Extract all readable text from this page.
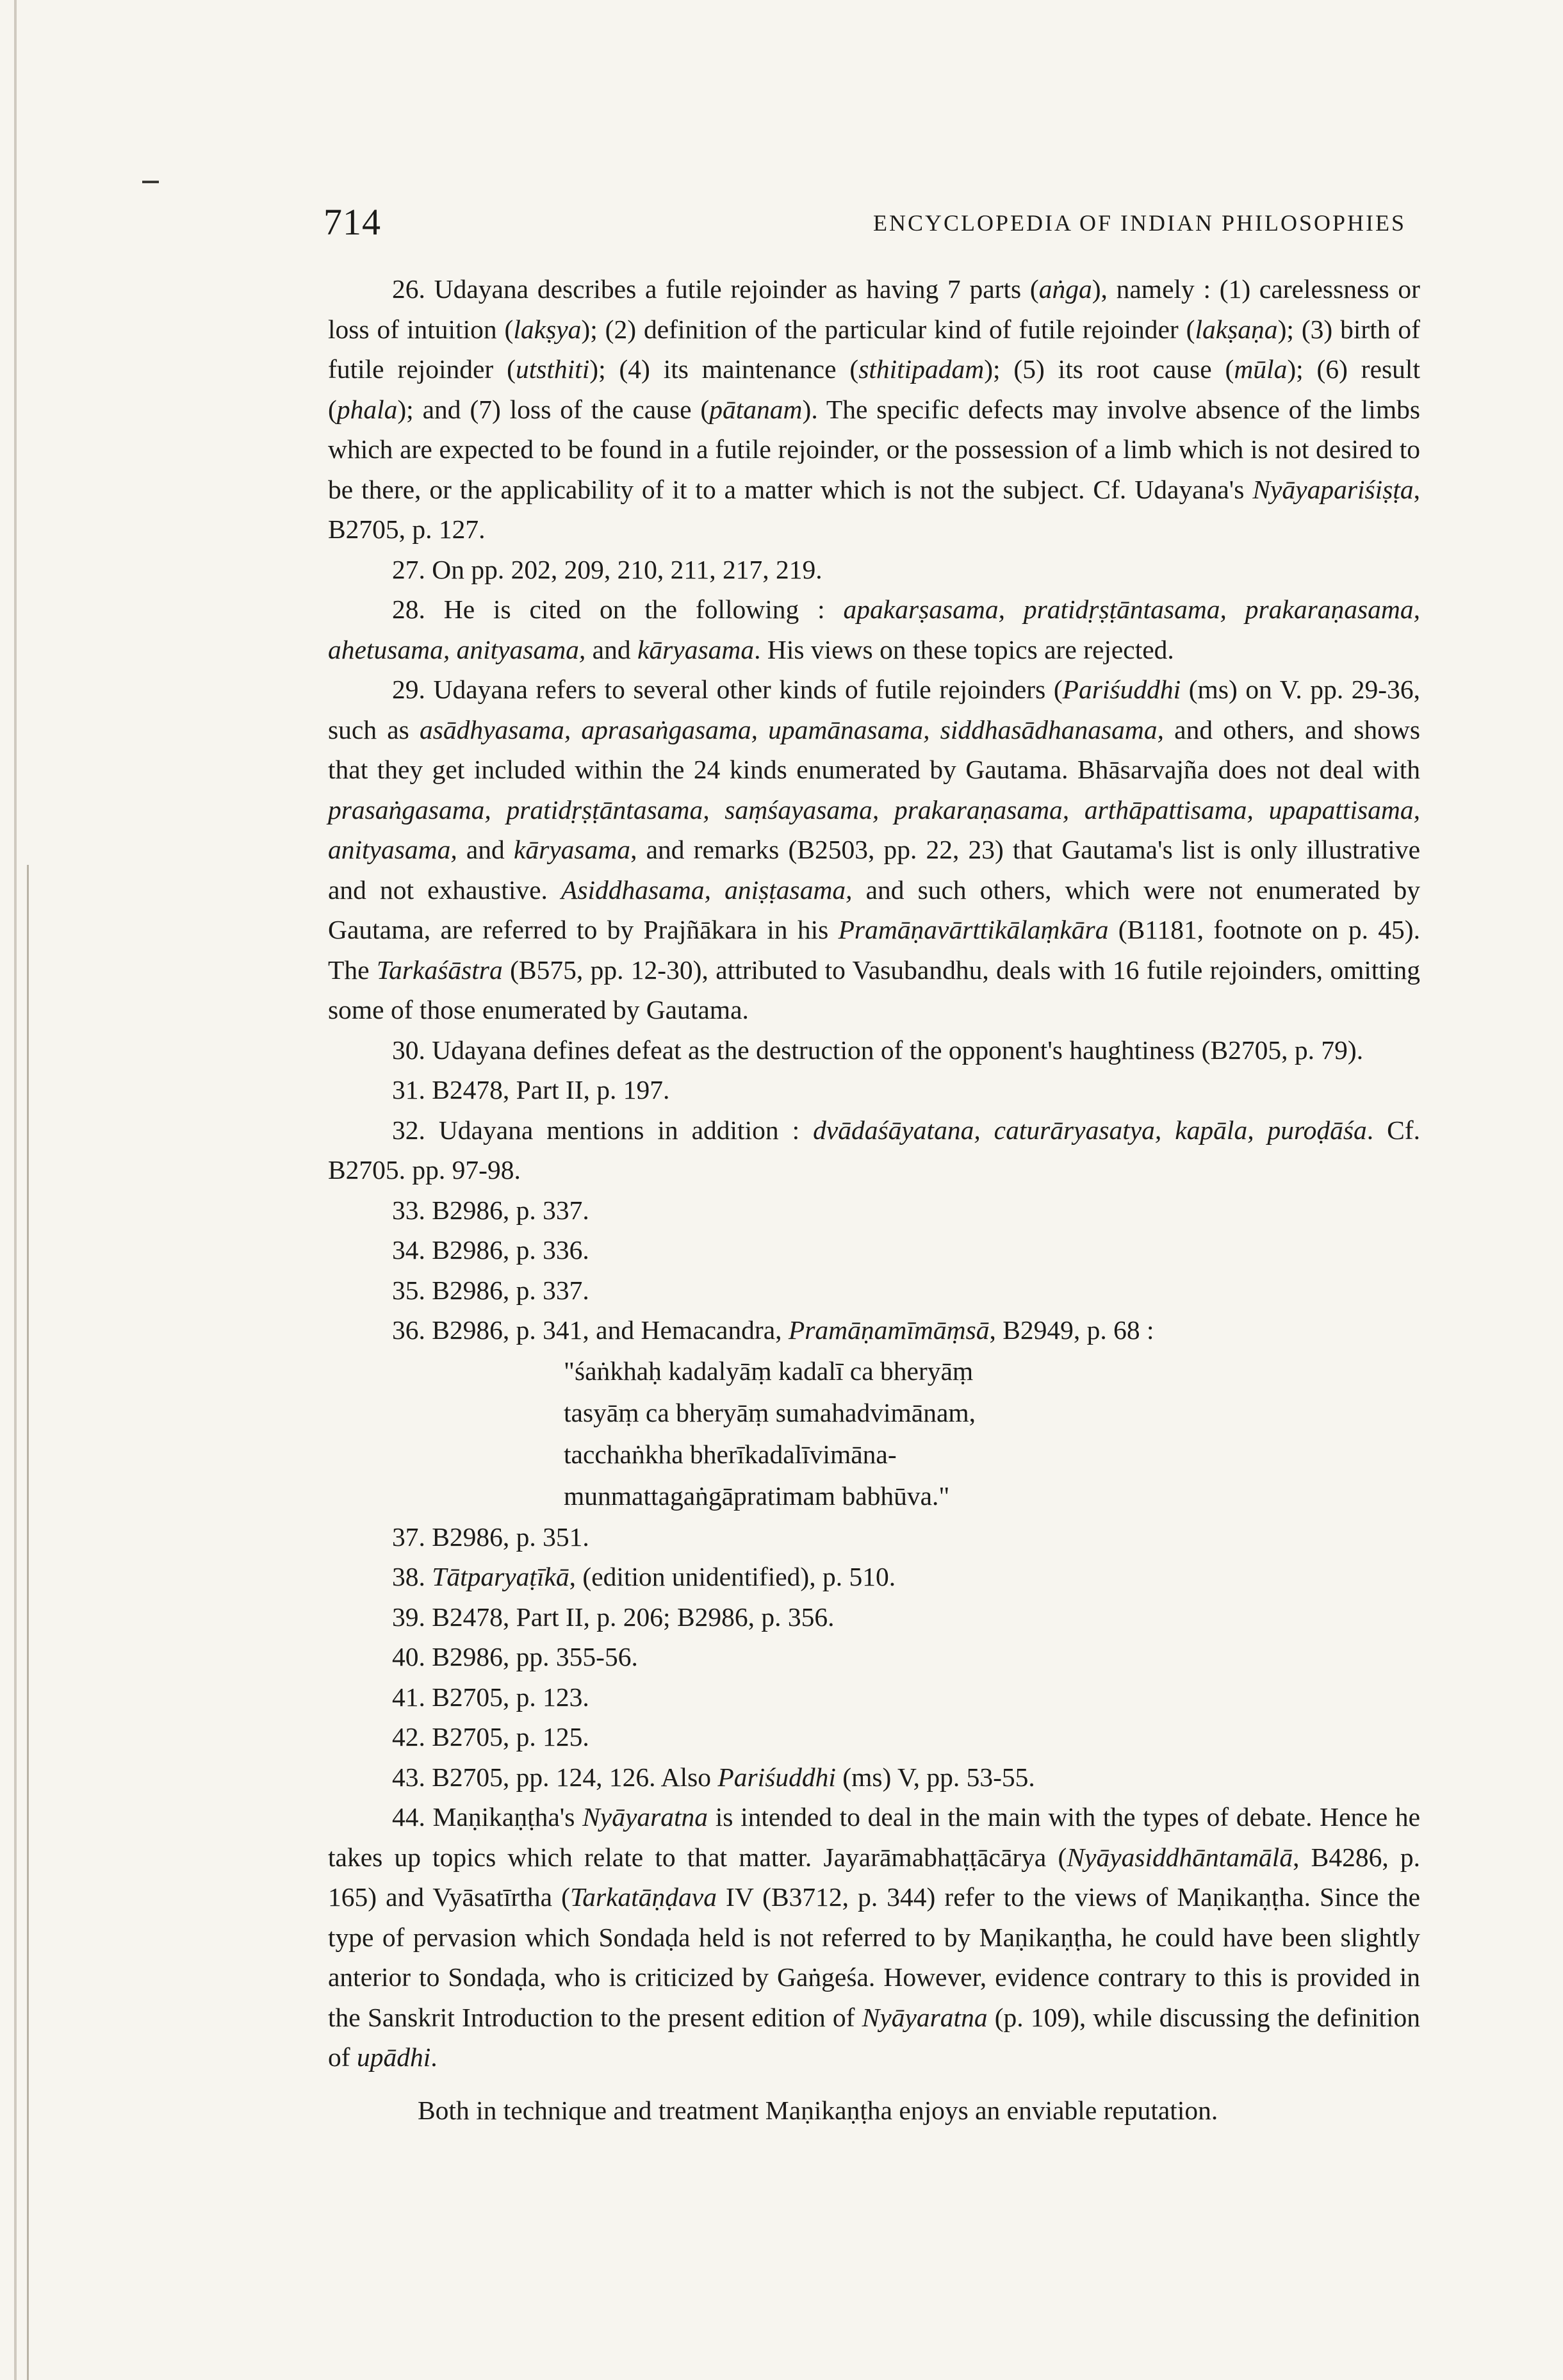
714	ENCYCLOPEDIA OF INDIAN PHILOSOPHIES

26. Udayana describes a futile rejoinder as having 7 parts (aṅga), namely : (1) carelessness or loss of intuition (lakṣya); (2) definition of the particular kind of futile rejoinder (lakṣaṇa); (3) birth of futile rejoinder (utsthiti); (4) its maintenance (sthitipadam); (5) its root cause (mūla); (6) result (phala); and (7) loss of the cause (pātanam). The specific defects may involve absence of the limbs which are expected to be found in a futile rejoinder, or the possession of a limb which is not desired to be there, or the applicability of it to a matter which is not the subject. Cf. Udayana's Nyāyapariśiṣṭa, B2705, p. 127.

27. On pp. 202, 209, 210, 211, 217, 219.

28. He is cited on the following : apakarṣasama, pratidṛṣṭāntasama, prakaraṇasama, ahetusama, anityasama, and kāryasama. His views on these topics are rejected.

29. Udayana refers to several other kinds of futile rejoinders (Pariśuddhi (ms) on V. pp. 29-36, such as asādhyasama, aprasaṅgasama, upamānasama, siddhasādhanasama, and others, and shows that they get included within the 24 kinds enumerated by Gautama. Bhāsarvajña does not deal with prasaṅgasama, pratidṛṣṭāntasama, saṃśayasama, prakaraṇasama, arthāpattisama, upapattisama, anityasama, and kāryasama, and remarks (B2503, pp. 22, 23) that Gautama's list is only illustrative and not exhaustive. Asiddhasama, aniṣṭasama, and such others, which were not enumerated by Gautama, are referred to by Prajñākara in his Pramāṇavārttikālaṃkāra (B1181, footnote on p. 45). The Tarkaśāstra (B575, pp. 12-30), attributed to Vasubandhu, deals with 16 futile rejoinders, omitting some of those enumerated by Gautama.

30. Udayana defines defeat as the destruction of the opponent's haughtiness (B2705, p. 79).

31. B2478, Part II, p. 197.

32. Udayana mentions in addition : dvādaśāyatana, caturāryasatya, kapāla, puroḍāśa. Cf. B2705. pp. 97-98.

33. B2986, p. 337.

34. B2986, p. 336.

35. B2986, p. 337.

36. B2986, p. 341, and Hemacandra, Pramāṇamīmāṃsā, B2949, p. 68 :

"śaṅkhaḥ kadalyāṃ kadalī ca bheryāṃ

tasyāṃ ca bheryāṃ sumahadvimānam,

tacchaṅkha bherīkadalīvimāna-

munmattagaṅgāpratimam babhūva."

37. B2986, p. 351.

38. Tātparyaṭīkā, (edition unidentified), p. 510.

39. B2478, Part II, p. 206; B2986, p. 356.

40. B2986, pp. 355-56.

41. B2705, p. 123.

42. B2705, p. 125.

43. B2705, pp. 124, 126. Also Pariśuddhi (ms) V, pp. 53-55.

44. Maṇikaṇṭha's Nyāyaratna is intended to deal in the main with the types of debate. Hence he takes up topics which relate to that matter. Jayarāmabhaṭṭācārya (Nyāyasiddhāntamālā, B4286, p. 165) and Vyāsatīrtha (Tarkatāṇḍava IV (B3712, p. 344) refer to the views of Maṇikaṇṭha. Since the type of pervasion which Sondaḍa held is not referred to by Maṇikaṇṭha, he could have been slightly anterior to Sondaḍa, who is criticized by Gaṅgeśa. However, evidence contrary to this is provided in the Sanskrit Introduction to the present edition of Nyāyaratna (p. 109), while discussing the definition of upādhi.

Both in technique and treatment Maṇikaṇṭha enjoys an enviable reputation.
